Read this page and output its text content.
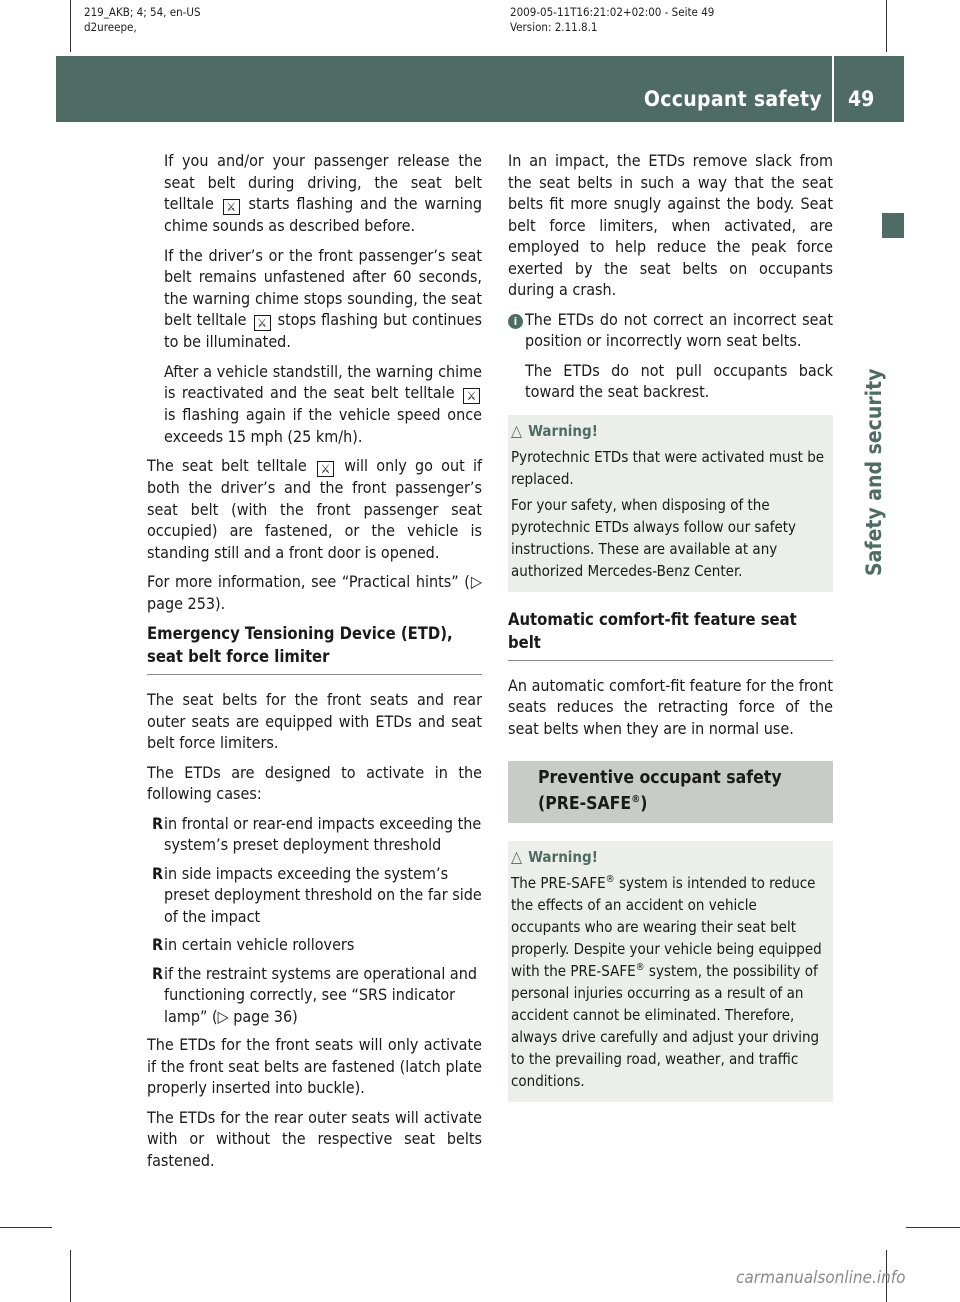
219_AKB; 4; 54, en-US
d2ureepe,
2009-05-11T16:21:02+02:00 - Seite 49
Version: 2.11.8.1
Occupant safety 49
Safety and security

If you and/or your passenger release the seat belt during driving, the seat belt telltale ⚔ starts flashing and the warning chime sounds as described before.

If the driver’s or the front passenger’s seat belt remains unfastened after 60 seconds, the warning chime stops sounding, the seat belt telltale ⚔ stops flashing but continues to be illuminated.

After a vehicle standstill, the warning chime is reactivated and the seat belt telltale ⚔ is flashing again if the vehicle speed once exceeds 15 mph (25 km/h).

The seat belt telltale ⚔ will only go out if both the driver’s and the front passenger’s seat belt (with the front passenger seat occupied) are fastened, or the vehicle is standing still and a front door is opened.

For more information, see “Practical hints” (▷ page 253).

Emergency Tensioning Device (ETD), seat belt force limiter

The seat belts for the front seats and rear outer seats are equipped with ETDs and seat belt force limiters.

The ETDs are designed to activate in the following cases:

Rin frontal or rear-end impacts exceeding the system’s preset deployment threshold
Rin side impacts exceeding the system’s preset deployment threshold on the far side of the impact
Rin certain vehicle rollovers
Rif the restraint systems are operational and functioning correctly, see “SRS indicator lamp” (▷ page 36)

The ETDs for the front seats will only activate if the front seat belts are fastened (latch plate properly inserted into buckle).

The ETDs for the rear outer seats will activate with or without the respective seat belts fastened.

In an impact, the ETDs remove slack from the seat belts in such a way that the seat belts fit more snugly against the body. Seat belt force limiters, when activated, are employed to help reduce the peak force exerted by the seat belts on occupants during a crash.

i The ETDs do not correct an incorrect seat position or incorrectly worn seat belts.

The ETDs do not pull occupants back toward the seat backrest.

△ Warning!

Pyrotechnic ETDs that were activated must be replaced.

For your safety, when disposing of the pyrotechnic ETDs always follow our safety instructions. These are available at any authorized Mercedes-Benz Center.

Automatic comfort-fit feature seat belt

An automatic comfort-fit feature for the front seats reduces the retracting force of the seat belts when they are in normal use.

Preventive occupant safety (PRE-SAFE®)
△ Warning!

The PRE-SAFE® system is intended to reduce the effects of an accident on vehicle occupants who are wearing their seat belt properly. Despite your vehicle being equipped with the PRE-SAFE® system, the possibility of personal injuries occurring as a result of an accident cannot be eliminated. Therefore, always drive carefully and adjust your driving to the prevailing road, weather, and traffic conditions.

carmanualsonline.info
